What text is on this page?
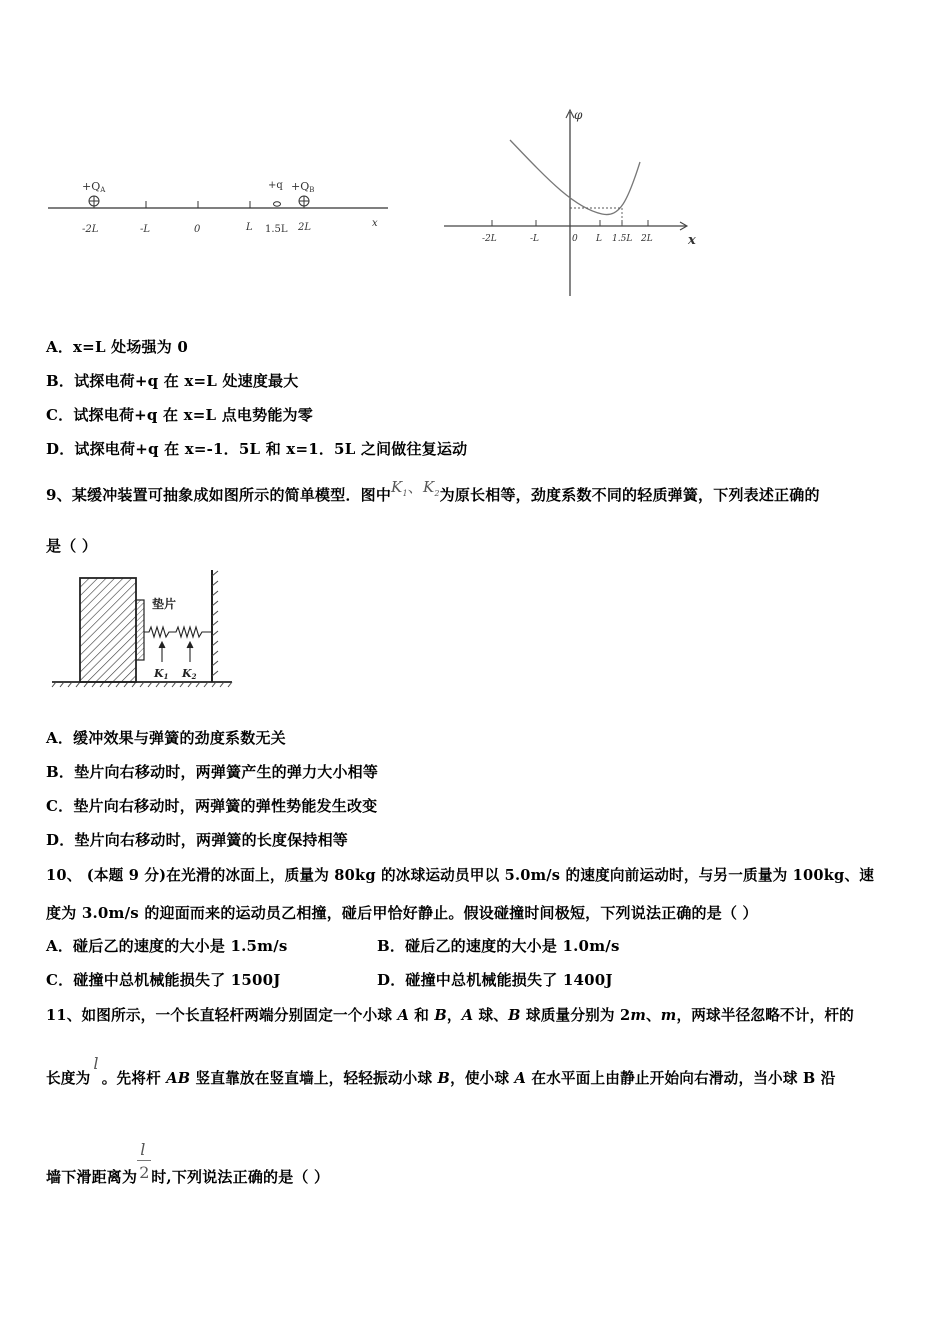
+QA	+QB
+q
-2L	-L	0	L 1.5L 2L	x
φ
x
-2L	-L	0 L 1.5L 2L
A．x=L 处场强为 0
B．试探电荷+q 在 x=L 处速度最大
C．试探电荷+q 在 x=L 点电势能为零
D．试探电荷+q 在 x=-1．5L 和 x=1．5L 之间做往复运动
9、某缓冲装置可抽象成如图所示的简单模型．图中$K_1$、$K_2$为原长相等，劲度系数不同的轻质弹簧，下列表述正确的
是（ ）
垫片
K1 K2
A．缓冲效果与弹簧的劲度系数无关
B．垫片向右移动时，两弹簧产生的弹力大小相等
C．垫片向右移动时，两弹簧的弹性势能发生改变
D．垫片向右移动时，两弹簧的长度保持相等
10、 (本题 9 分)在光滑的冰面上，质量为 80kg 的冰球运动员甲以 5.0m/s 的速度向前运动时，与另一质量为 100kg、速
度为 3.0m/s 的迎面而来的运动员乙相撞，碰后甲恰好静止。假设碰撞时间极短，下列说法正确的是（ ）
A．碰后乙的速度的大小是 1.5m/s	B．碰后乙的速度的大小是 1.0m/s
C．碰撞中总机械能损失了 1500J	D．碰撞中总机械能损失了 1400J
11、如图所示，一个长直轻杆两端分别固定一个小球 A 和 B，A 球、B 球质量分别为 2m、m，两球半径忽略不计，杆的
长度为l。先将杆 AB 竖直靠放在竖直墙上，轻轻振动小球 B，使小球 A 在水平面上由静止开始向右滑动，当小球 B 沿
墙下滑距离为 $\frac{l}{2}$ 时,下列说法正确的是（ ）
